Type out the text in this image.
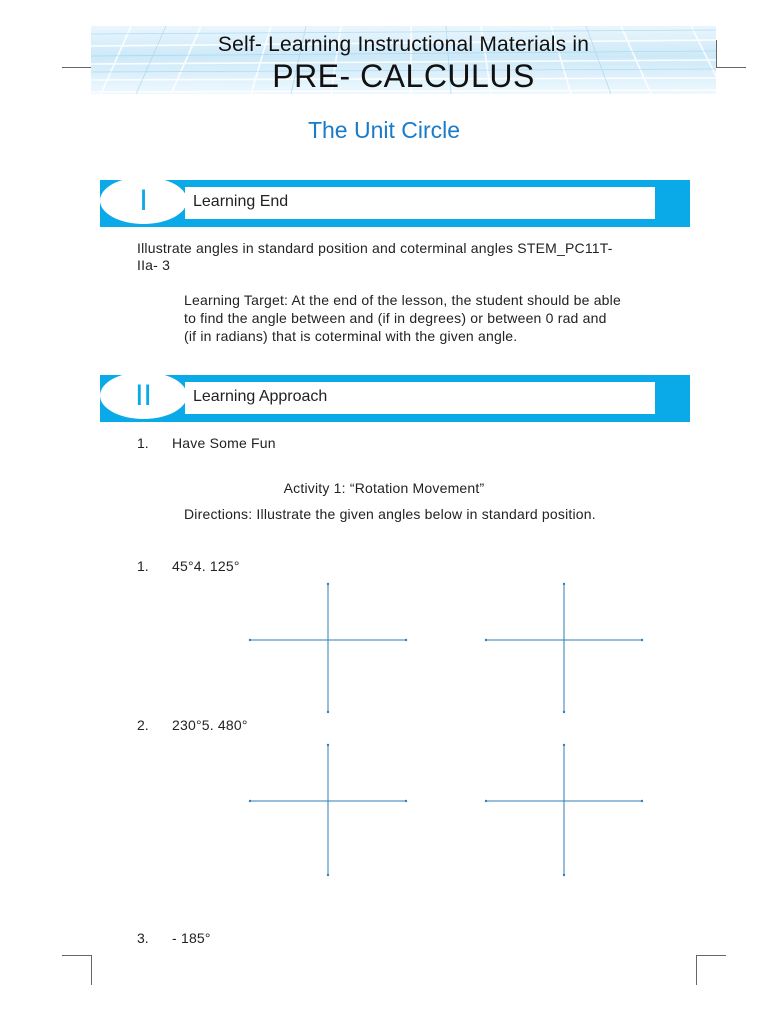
Self- Learning Instructional Materials in
PRE- CALCULUS
The Unit Circle
I	Learning End
Illustrate angles in standard position and coterminal angles STEM_PC11T-
IIa- 3
Learning Target: At the end of the lesson, the student should be able
to find the angle between and (if in degrees) or between 0 rad and
(if in radians) that is coterminal with the given angle.
II	Learning Approach
1. Have Some Fun
Activity 1: “Rotation Movement”
Directions: Illustrate the given angles below in standard position.
1. 45°4. 125°
2. 230°5. 480°
3. - 185°
